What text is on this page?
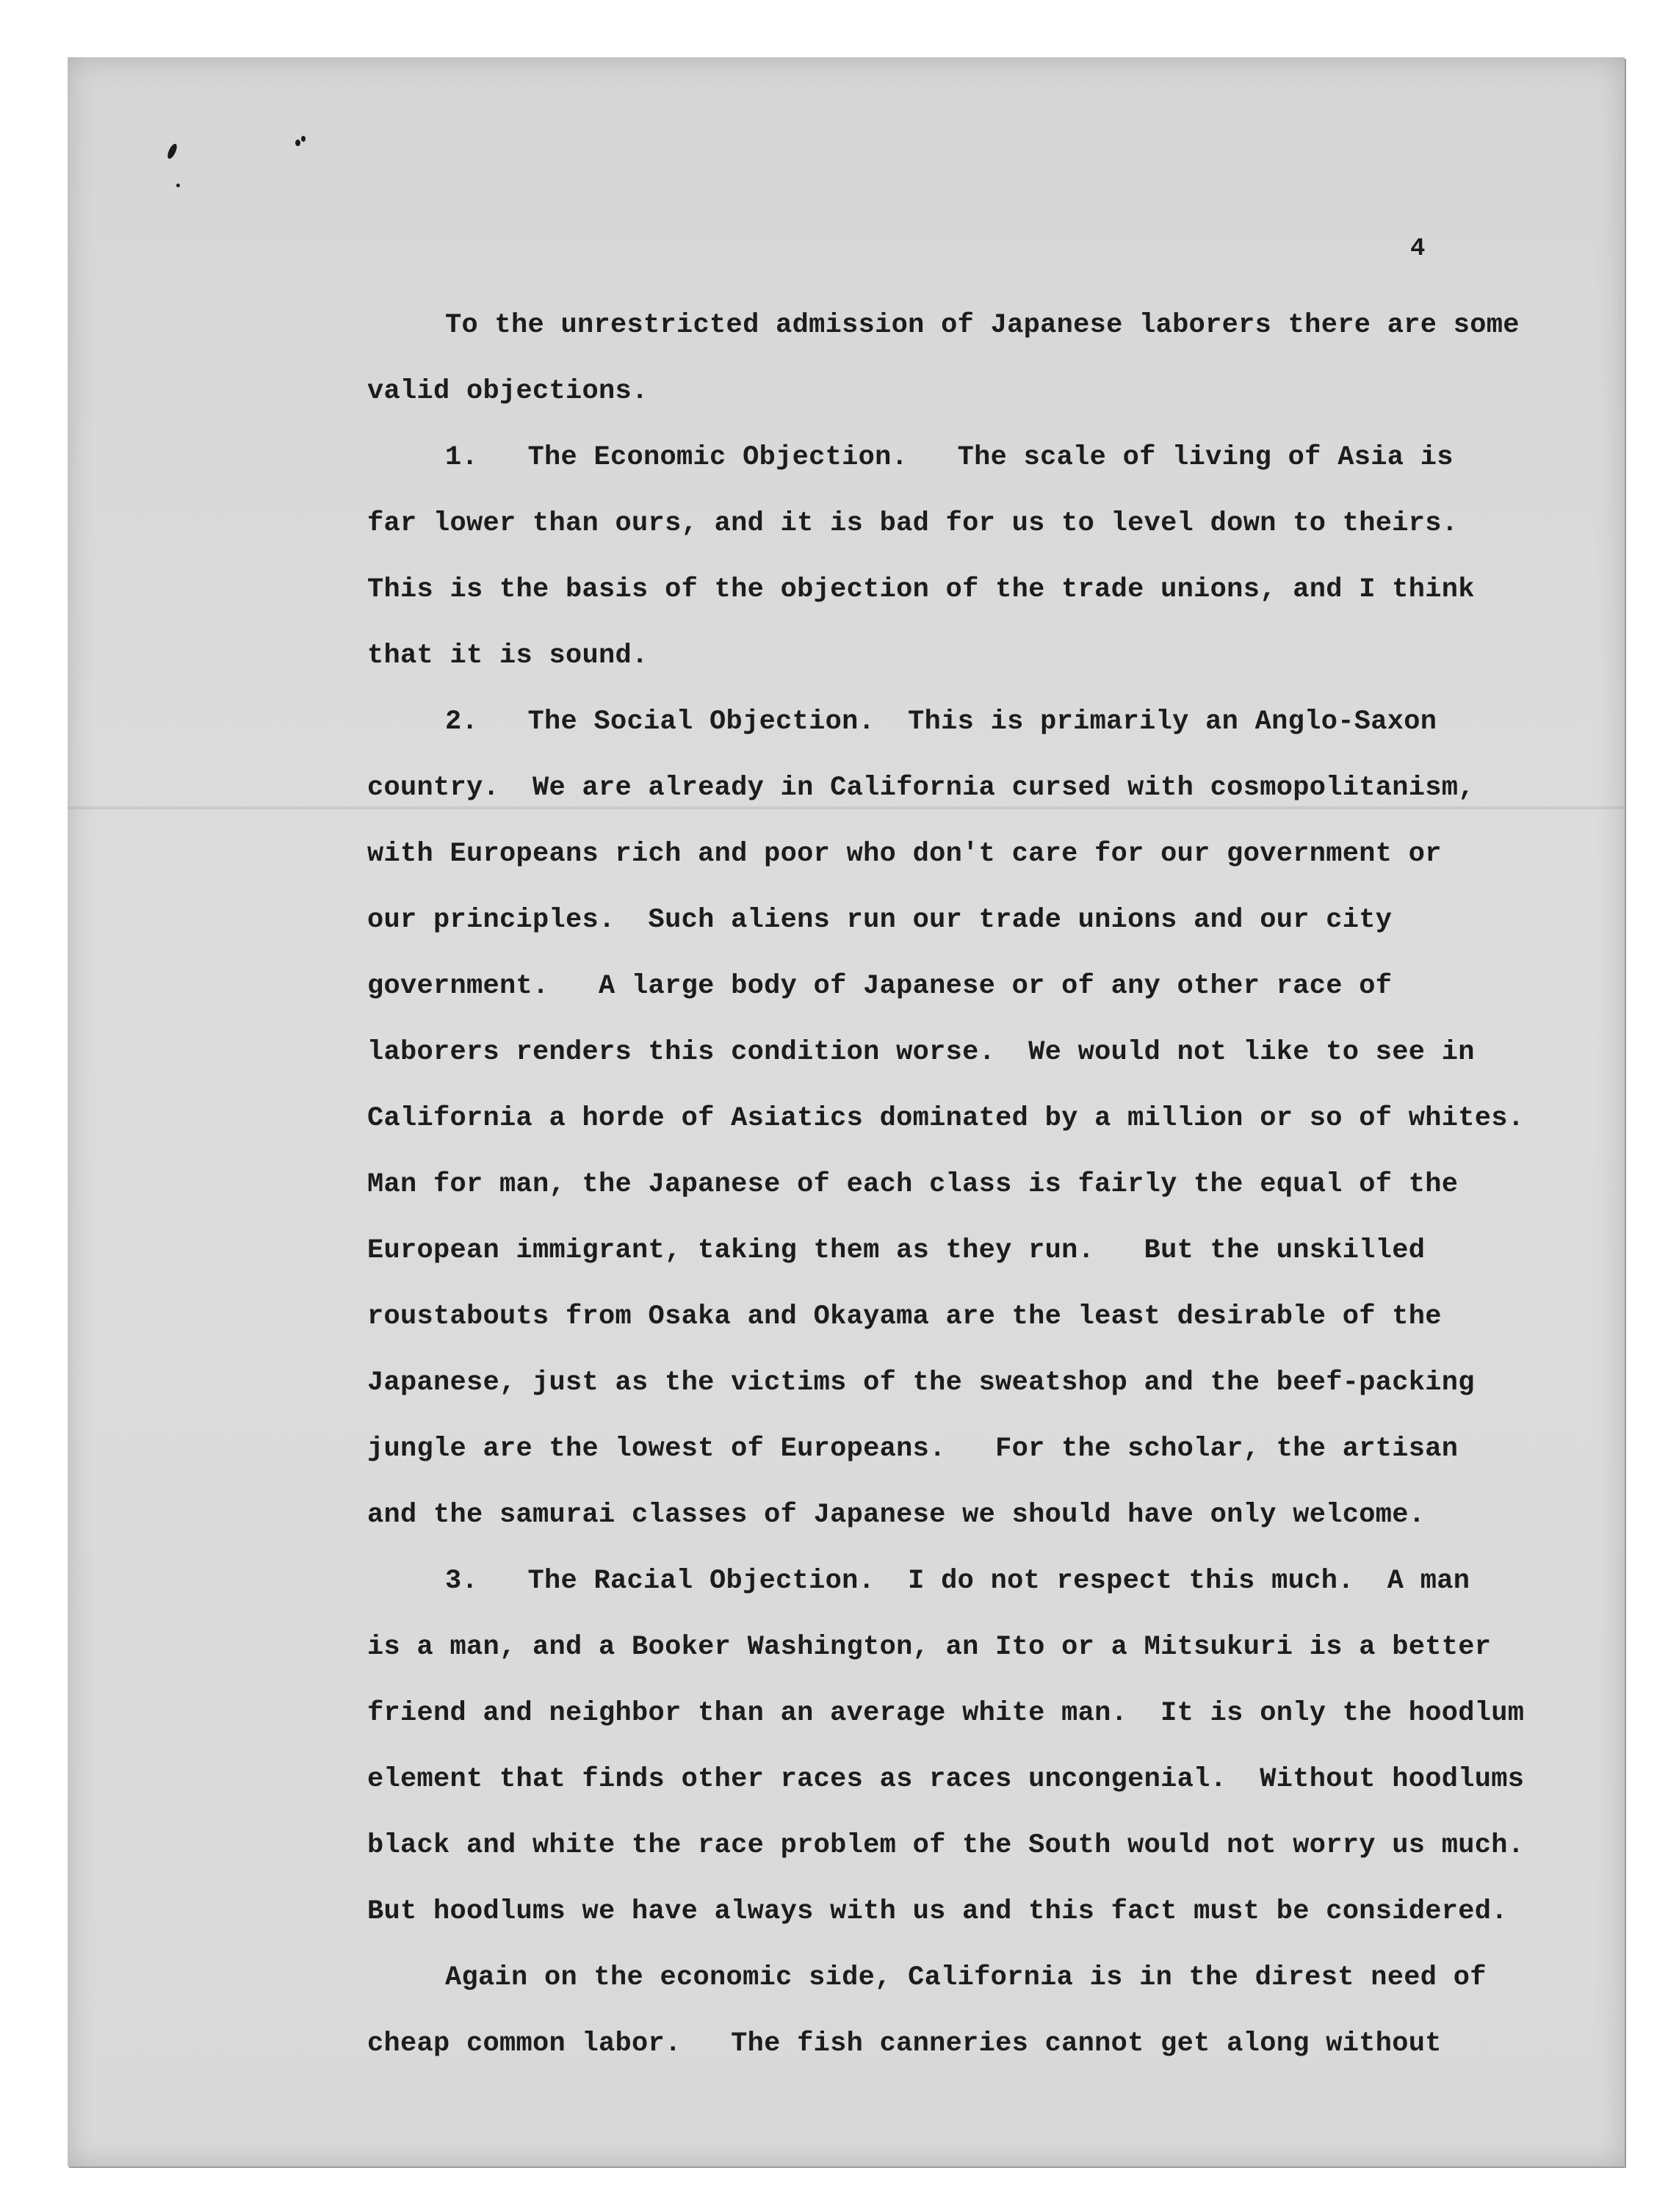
4
To the unrestricted admission of Japanese laborers there are some
valid objections.
1.   The Economic Objection.   The scale of living of Asia is
far lower than ours, and it is bad for us to level down to theirs.
This is the basis of the objection of the trade unions, and I think
that it is sound.
2.   The Social Objection.  This is primarily an Anglo-Saxon
country.  We are already in California cursed with cosmopolitanism,
with Europeans rich and poor who don't care for our government or
our principles.  Such aliens run our trade unions and our city
government.   A large body of Japanese or of any other race of
laborers renders this condition worse.  We would not like to see in
California a horde of Asiatics dominated by a million or so of whites.
Man for man, the Japanese of each class is fairly the equal of the
European immigrant, taking them as they run.   But the unskilled
roustabouts from Osaka and Okayama are the least desirable of the
Japanese, just as the victims of the sweatshop and the beef-packing
jungle are the lowest of Europeans.   For the scholar, the artisan
and the samurai classes of Japanese we should have only welcome.
3.   The Racial Objection.  I do not respect this much.  A man
is a man, and a Booker Washington, an Ito or a Mitsukuri is a better
friend and neighbor than an average white man.  It is only the hoodlum
element that finds other races as races uncongenial.  Without hoodlums
black and white the race problem of the South would not worry us much.
But hoodlums we have always with us and this fact must be considered.
Again on the economic side, California is in the direst need of
cheap common labor.   The fish canneries cannot get along without
